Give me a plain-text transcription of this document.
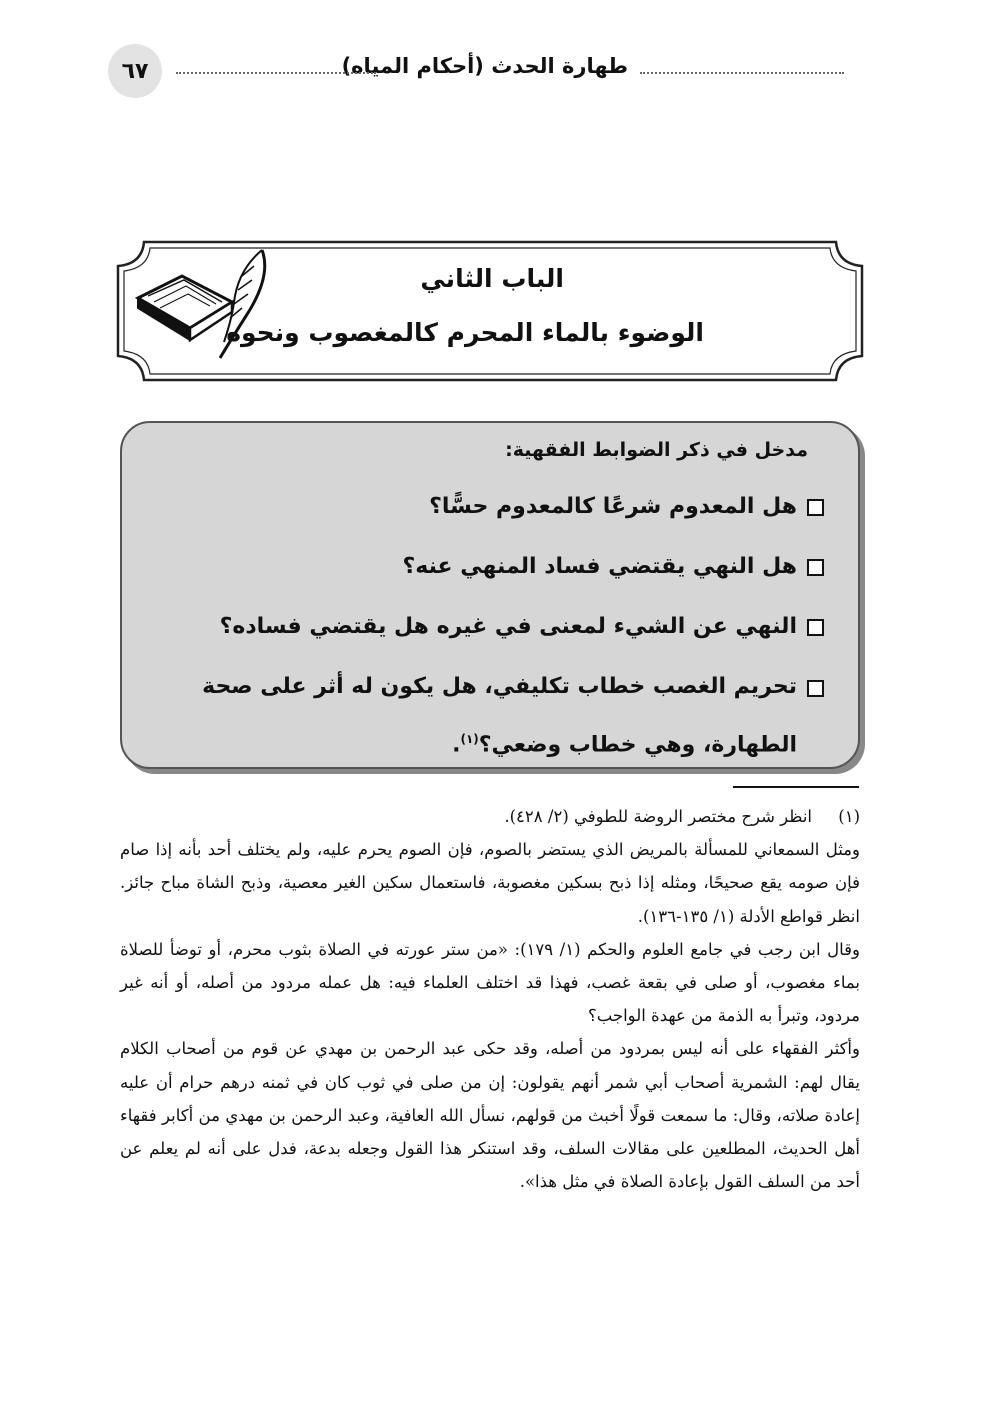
طهارة الحدث (أحكام المياه)
٦٧
الباب الثاني
الوضوء بالماء المحرم كالمغصوب ونحوه
مدخل في ذكر الضوابط الفقهية:
هل المعدوم شرعًا كالمعدوم حسًّا؟
هل النهي يقتضي فساد المنهي عنه؟
النهي عن الشيء لمعنى في غيره هل يقتضي فساده؟
تحريم الغصب خطاب تكليفي، هل يكون له أثر على صحة الطهارة، وهي خطاب وضعي؟$^{(١)}$.

(١)
انظر شرح مختصر الروضة للطوفي (٢/ ٤٢٨).

ومثل السمعاني للمسألة بالمريض الذي يستضر بالصوم، فإن الصوم يحرم عليه، ولم يختلف أحد بأنه إذا صام فإن صومه يقع صحيحًا، ومثله إذا ذبح بسكين مغصوبة، فاستعمال سكين الغير معصية، وذبح الشاة مباح جائز. انظر قواطع الأدلة (١/ ١٣٥-١٣٦).

وقال ابن رجب في جامع العلوم والحكم (١/ ١٧٩): «من ستر عورته في الصلاة بثوب محرم، أو توضأ للصلاة بماء مغصوب، أو صلى في بقعة غصب، فهذا قد اختلف العلماء فيه: هل عمله مردود من أصله، أو أنه غير مردود، وتبرأ به الذمة من عهدة الواجب؟

وأكثر الفقهاء على أنه ليس بمردود من أصله، وقد حكى عبد الرحمن بن مهدي عن قوم من أصحاب الكلام يقال لهم: الشمرية أصحاب أبي شمر أنهم يقولون: إن من صلى في ثوب كان في ثمنه درهم حرام أن عليه إعادة صلاته، وقال: ما سمعت قولًا أخبث من قولهم، نسأل الله العافية، وعبد الرحمن بن مهدي من أكابر فقهاء أهل الحديث، المطلعين على مقالات السلف، وقد استنكر هذا القول وجعله بدعة، فدل على أنه لم يعلم عن أحد من السلف القول بإعادة الصلاة في مثل هذا».
